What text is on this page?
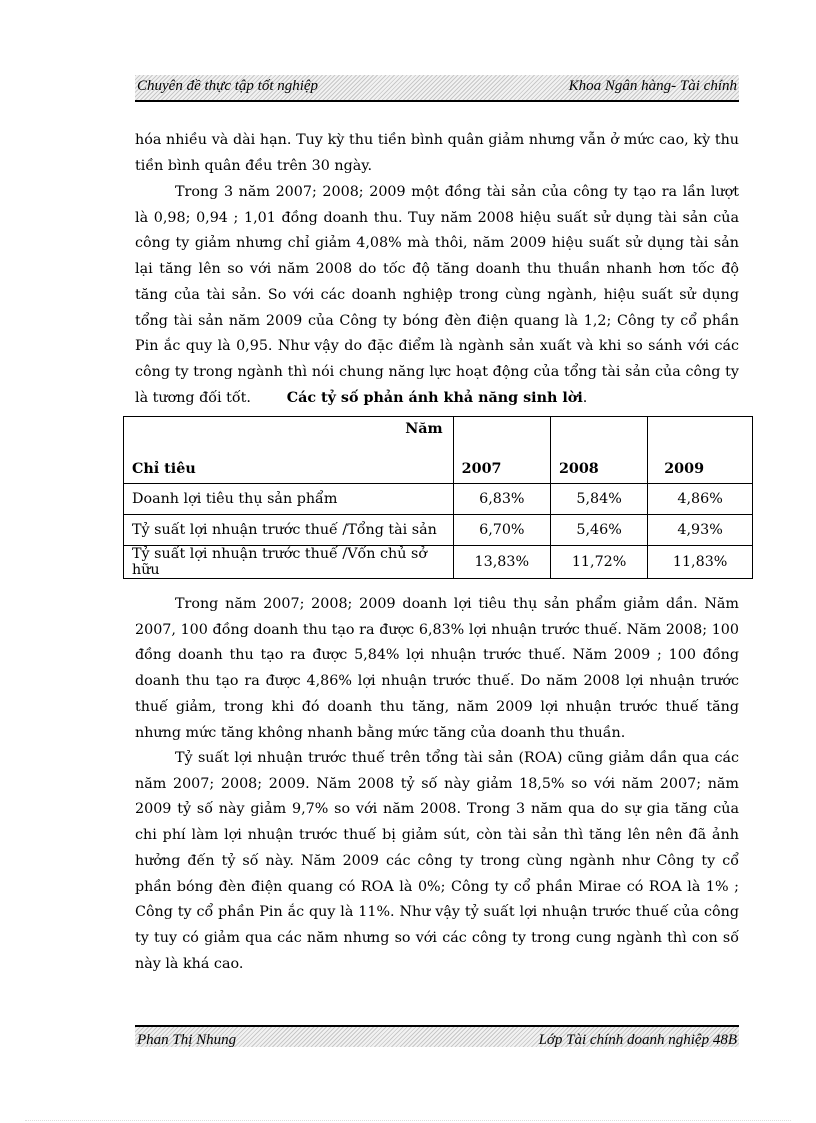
Chuyên đề thực tập tốt nghiệp	Khoa Ngân hàng- Tài chính

hóa nhiều và dài hạn. Tuy kỳ thu tiền bình quân giảm nhưng vẫn ở mức cao, kỳ thu tiền bình quân đều trên 30 ngày.

Trong 3 năm 2007; 2008; 2009 một đồng tài sản của công ty tạo ra lần lượt là 0,98; 0,94 ; 1,01 đồng doanh thu. Tuy năm 2008 hiệu suất sử dụng tài sản của công ty giảm nhưng chỉ giảm 4,08% mà thôi, năm 2009 hiệu suất sử dụng tài sản lại tăng lên so với năm 2008 do tốc độ tăng doanh thu thuần nhanh hơn tốc độ tăng của tài sản. So với các doanh nghiệp trong cùng ngành, hiệu suất sử dụng tổng tài sản năm 2009 của Công ty bóng đèn điện quang là 1,2; Công ty cổ phần Pin ắc quy là 0,95. Như vậy do đặc điểm là ngành sản xuất và khi so sánh với các công ty trong ngành thì nói chung năng lực hoạt động của tổng tài sản của công ty là tương đối tốt.	Các tỷ số phản ánh khả năng sinh lời.
Năm
Chỉ tiêu	2007	2008	2009
Doanh lợi tiêu thụ sản phẩm	6,83%	5,84%	4,86%
Tỷ suất lợi nhuận trước thuế /Tổng tài sản	6,70%	5,46%	4,93%
Tỷ suất lợi nhuận trước thuế /Vốn chủ sở hữu	13,83%	11,72%	11,83%

Trong năm 2007; 2008; 2009 doanh lợi tiêu thụ sản phẩm giảm dần. Năm 2007, 100 đồng doanh thu tạo ra được 6,83% lợi nhuận trước thuế. Năm 2008; 100 đồng doanh thu tạo ra được 5,84% lợi nhuận trước thuế. Năm 2009 ; 100 đồng doanh thu tạo ra được 4,86% lợi nhuận trước thuế. Do năm 2008 lợi nhuận trước thuế giảm, trong khi đó doanh thu tăng, năm 2009 lợi nhuận trước thuế tăng nhưng mức tăng không nhanh bằng mức tăng của doanh thu thuần.

Tỷ suất lợi nhuận trước thuế trên tổng tài sản (ROA) cũng giảm dần qua các năm 2007; 2008; 2009. Năm 2008 tỷ số này giảm 18,5% so với năm 2007; năm 2009 tỷ số này giảm 9,7% so với năm 2008. Trong 3 năm qua do sự gia tăng của chi phí làm lợi nhuận trước thuế bị giảm sút, còn tài sản thì tăng lên nên đã ảnh hưởng đến tỷ số này. Năm 2009 các công ty trong cùng ngành như Công ty cổ phần bóng đèn điện quang có ROA là 0%; Công ty cổ phần Mirae có ROA là 1% ; Công ty cổ phần Pin ắc quy là 11%. Như vậy tỷ suất lợi nhuận trước thuế của công ty tuy có giảm qua các năm nhưng so với các công ty trong cung ngành thì con số này là khá cao.

Phan Thị Nhung	Lớp Tài chính doanh nghiệp 48B
